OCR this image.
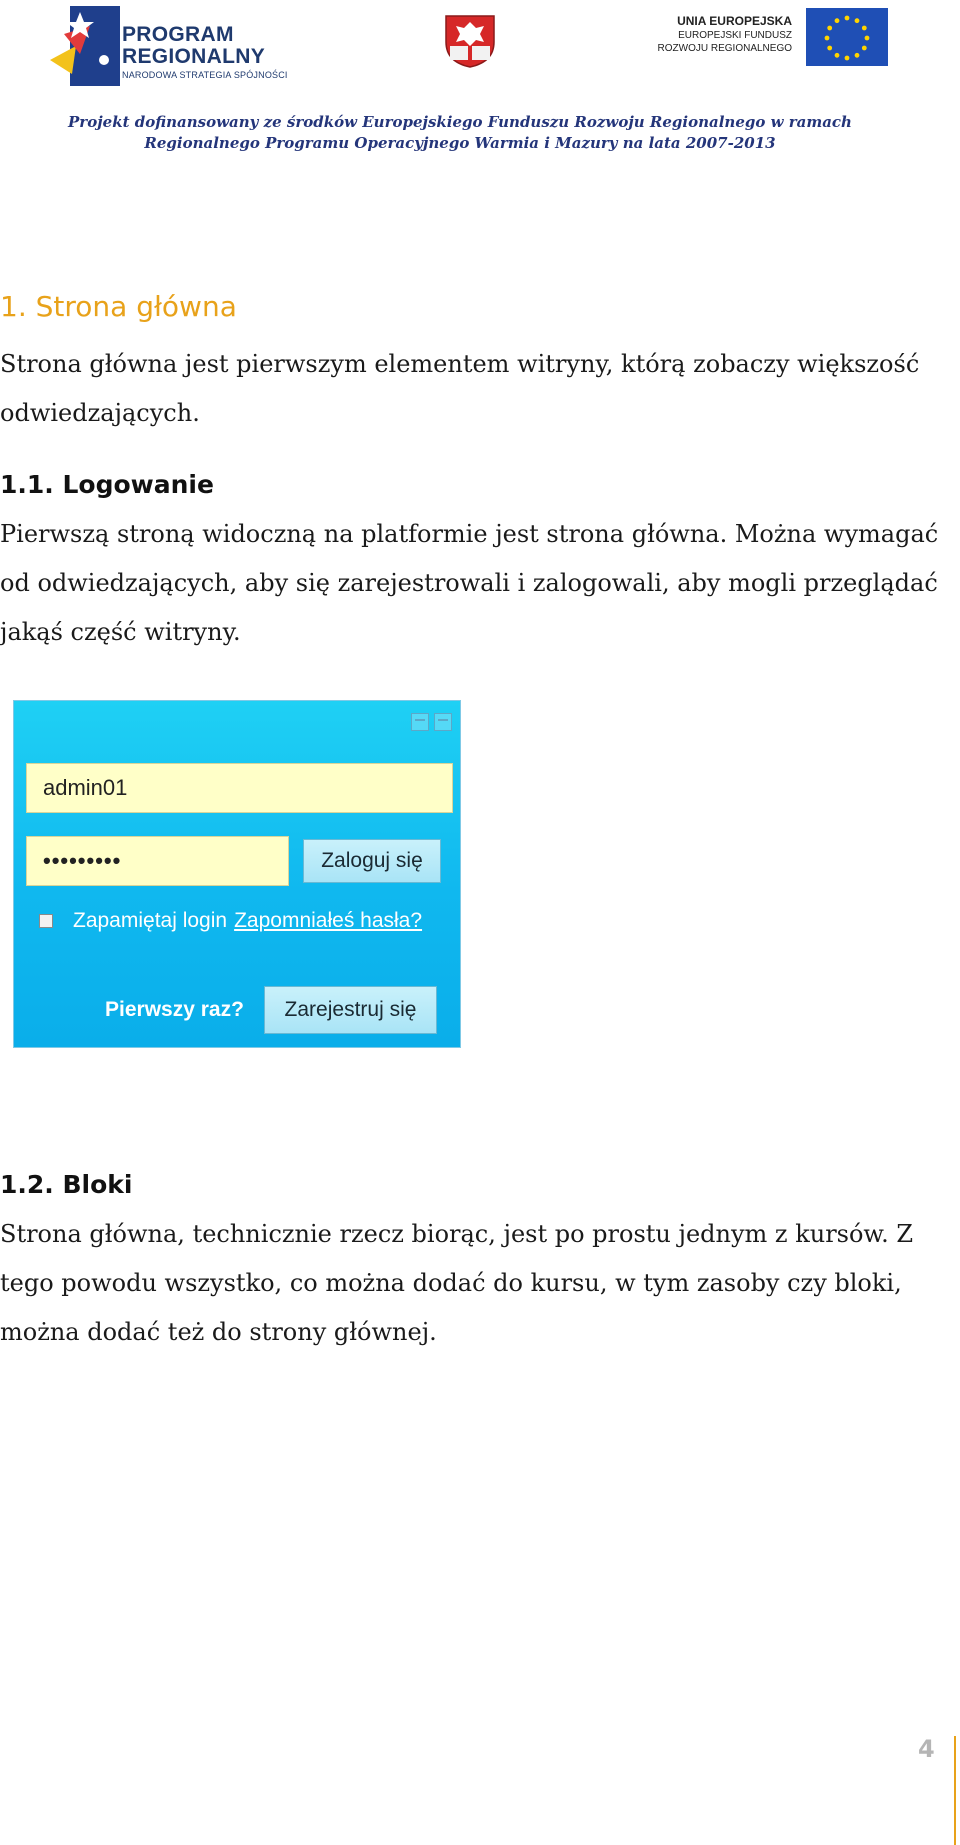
PROGRAM
REGIONALNY
NARODOWA STRATEGIA SPÓJNOŚCI
UNIA EUROPEJSKA
EUROPEJSKI FUNDUSZ
ROZWOJU REGIONALNEGO
Projekt dofinansowany ze środków Europejskiego Funduszu Rozwoju Regionalnego w ramach
Regionalnego Programu Operacyjnego Warmia i Mazury na lata 2007-2013
1. Strona główna

Strona główna jest pierwszym elementem witryny, którą zobaczy większość odwiedzających.

1.1. Logowanie

Pierwszą stroną widoczną na platformie jest strona główna. Można wymagać od odwiedzających, aby się zarejestrowali i zalogowali, aby mogli przeglądać jakąś część witryny.

admin01
•••••••••	Zaloguj się
Zapamiętaj login Zapomniałeś hasła?
Pierwszy raz?	Zarejestruj się
1.2. Bloki

Strona główna, technicznie rzecz biorąc, jest po prostu jednym z kursów. Z tego powodu wszystko, co można dodać do kursu, w tym zasoby czy bloki, można dodać też do strony głównej.

4
